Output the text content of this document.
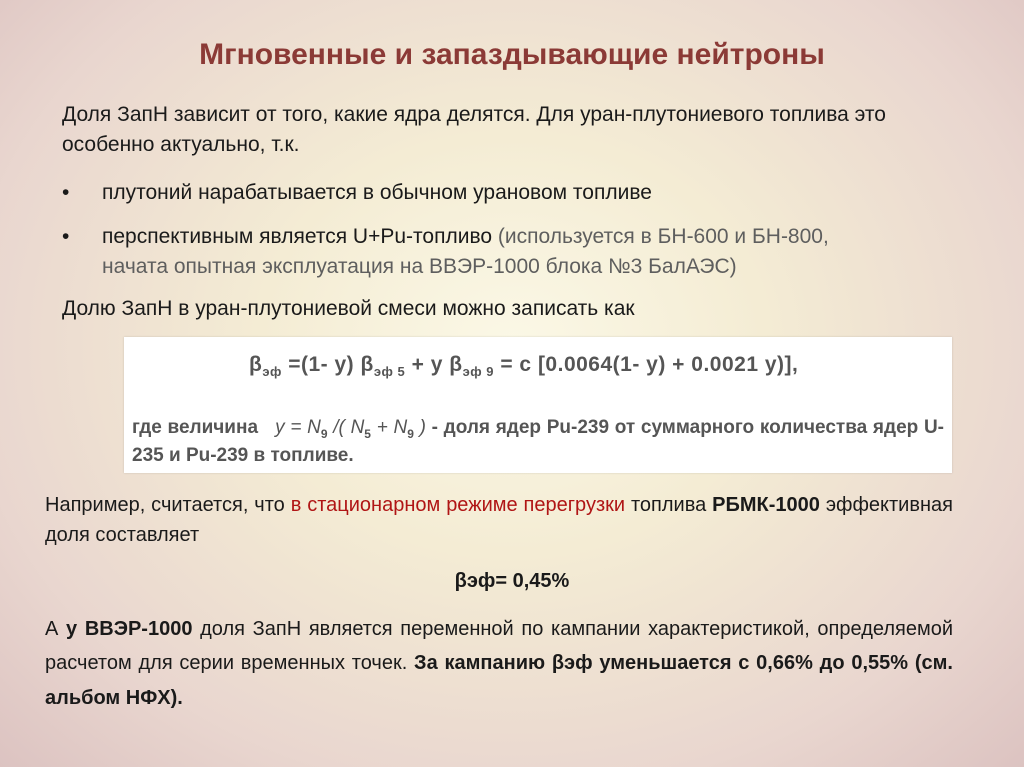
Мгновенные и запаздывающие нейтроны

Доля ЗапН зависит от того, какие ядра делятся. Для уран-плутониевого топлива это особенно актуально, т.к.

• плутоний нарабатывается в обычном урановом топливе
• перспективным является U+Pu-топливо (используется в БН-600 и БН-800,
начата опытная эксплуатация на ВВЭР-1000 блока №3 БалАЭС)

Долю ЗапН в уран-плутониевой смеси можно записать как

$\beta_{эф} =(1-$ y) $\beta_{эф 5} + y$ $\beta_{эф 9} = c$ [0.0064(1- y) + 0.0021 y)],

где величина $y = N_9$ /( $N_5 + N_9$ ) - доля ядер Pu-239 от суммарного количества ядер U-235 и Pu-239 в топливе.

Например, считается, что в стационарном режиме перегрузки топлива РБМК-1000 эффективная доля составляет

βэф= 0,45%

А у ВВЭР-1000 доля ЗапН является переменной по кампании характеристикой, определяемой расчетом для серии временных точек. За кампанию βэф уменьшается с 0,66% до 0,55% (см. альбом НФХ).
